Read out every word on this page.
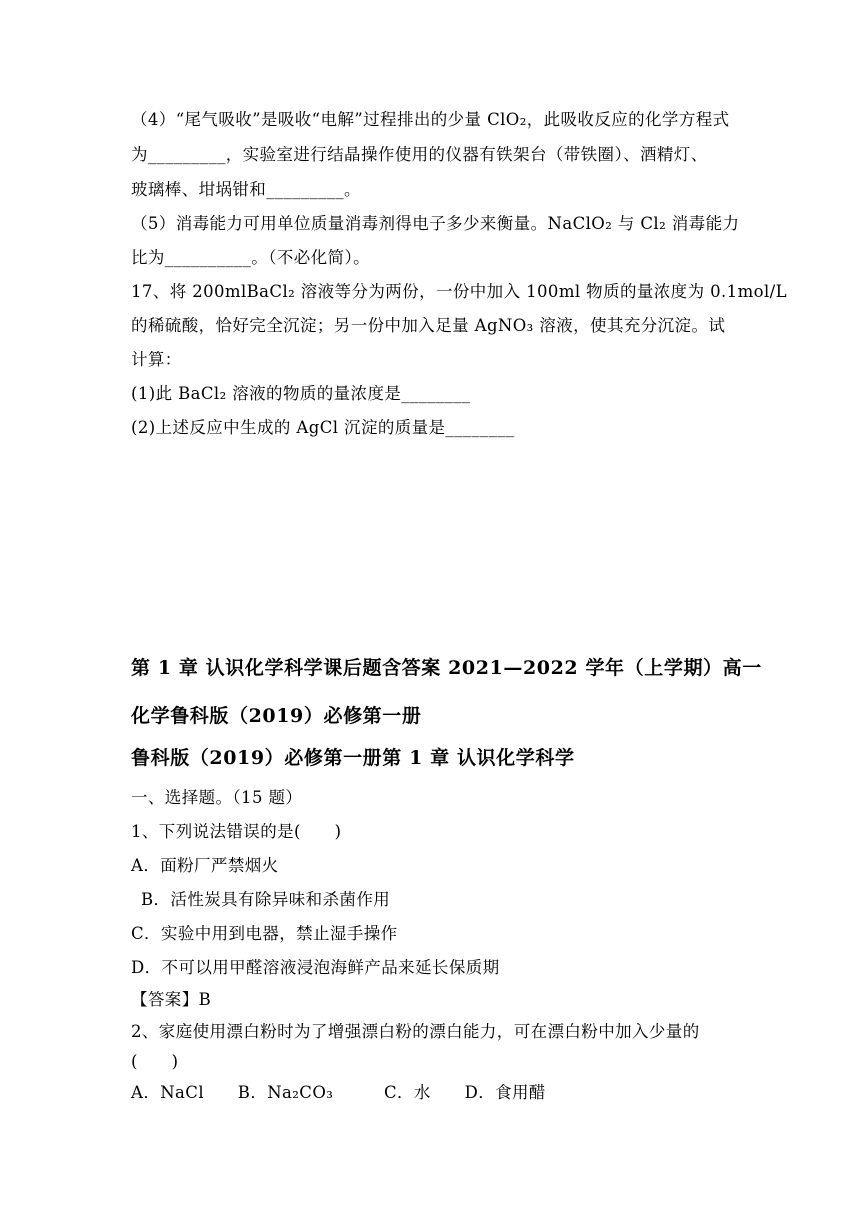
（4）“尾气吸收”是吸收“电解”过程排出的少量 ClO₂，此吸收反应的化学方程式
为_________，实验室进行结晶操作使用的仪器有铁架台（带铁圈）、酒精灯、
玻璃棒、坩埚钳和_________。
（5）消毒能力可用单位质量消毒剂得电子多少来衡量。NaClO₂ 与 Cl₂ 消毒能力
比为__________。（不必化简）。
17、将 200mlBaCl₂ 溶液等分为两份，一份中加入 100ml 物质的量浓度为 0.1mol/L
的稀硫酸，恰好完全沉淀；另一份中加入足量 AgNO₃ 溶液，使其充分沉淀。试
计算：
(1)此 BaCl₂ 溶液的物质的量浓度是________
(2)上述反应中生成的 AgCl 沉淀的质量是________
第 1 章 认识化学科学课后题含答案 2021—2022 学年（上学期）高一
化学鲁科版（2019）必修第一册
鲁科版（2019）必修第一册第 1 章 认识化学科学
一、选择题。（15 题）
1、下列说法错误的是(　　)
A．面粉厂严禁烟火
B．活性炭具有除异味和杀菌作用
C．实验中用到电器，禁止湿手操作
D．不可以用甲醛溶液浸泡海鲜产品来延长保质期
【答案】B
2、家庭使用漂白粉时为了增强漂白粉的漂白能力，可在漂白粉中加入少量的
(　　)
A．NaCl　　B．Na₂CO₃　　　C．水　　D．食用醋
